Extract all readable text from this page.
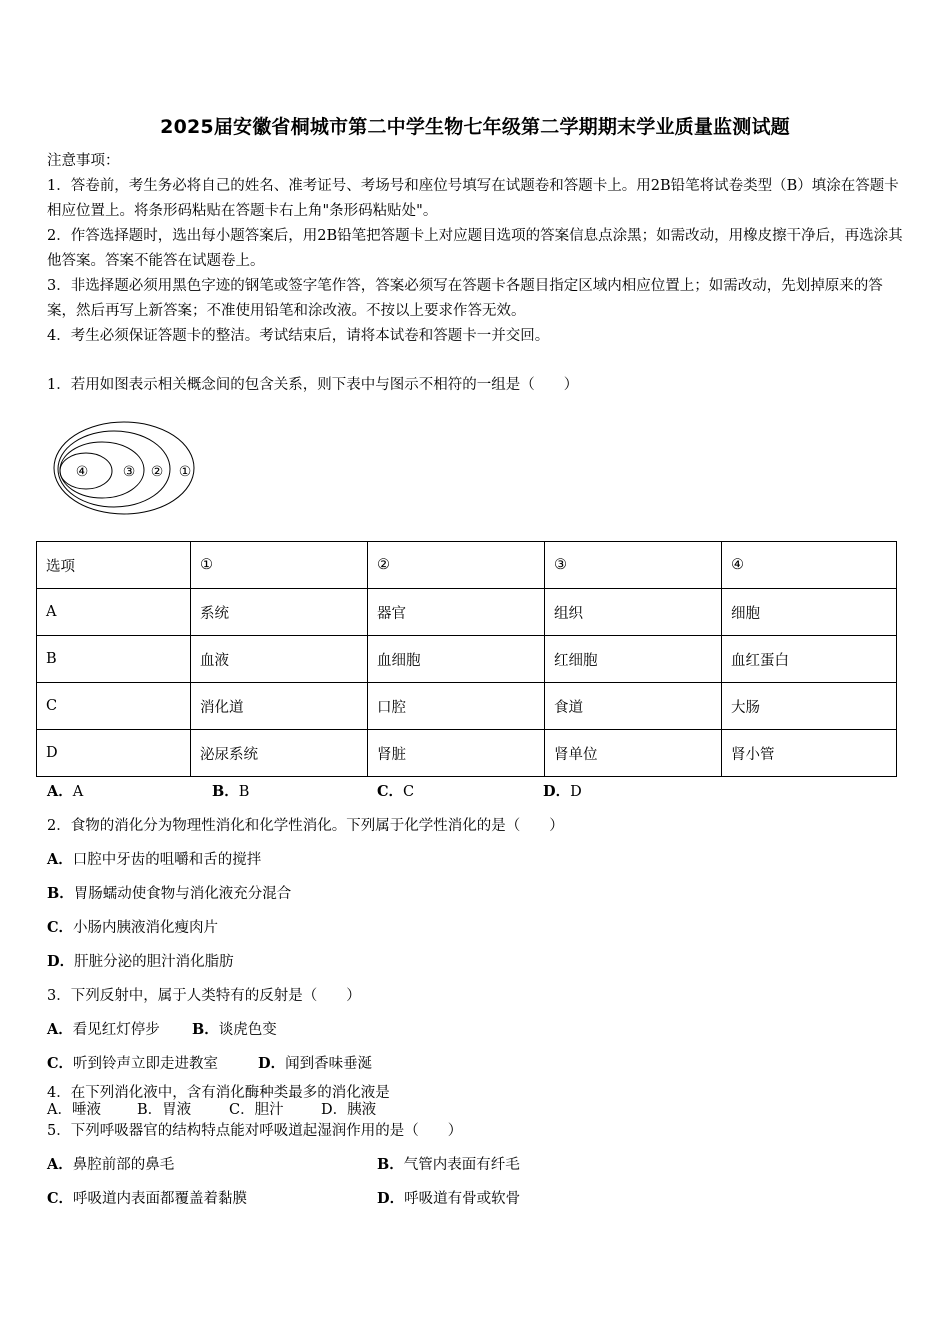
2025届安徽省桐城市第二中学生物七年级第二学期期末学业质量监测试题
注意事项：
1．答卷前，考生务必将自己的姓名、准考证号、考场号和座位号填写在试题卷和答题卡上。用2B铅笔将试卷类型（B）填涂在答题卡相应位置上。将条形码粘贴在答题卡右上角"条形码粘贴处"。
2．作答选择题时，选出每小题答案后，用2B铅笔把答题卡上对应题目选项的答案信息点涂黑；如需改动，用橡皮擦干净后，再选涂其他答案。答案不能答在试题卷上。
3．非选择题必须用黑色字迹的钢笔或签字笔作答，答案必须写在答题卡各题目指定区域内相应位置上；如需改动，先划掉原来的答案，然后再写上新答案；不准使用铅笔和涂改液。不按以上要求作答无效。
4．考生必须保证答题卡的整洁。考试结束后，请将本试卷和答题卡一并交回。
1．若用如图表示相关概念间的包含关系，则下表中与图示不相符的一组是（　　）
④ ③ ② ①
选项	①	②	③	④
A	系统	器官	组织	细胞
B	血液	血细胞	红细胞	血红蛋白
C	消化道	口腔	食道	大肠
D	泌尿系统	肾脏	肾单位	肾小管
A．A	B．B	C．C	D．D
2．食物的消化分为物理性消化和化学性消化。下列属于化学性消化的是（　　）
A．口腔中牙齿的咀嚼和舌的搅拌
B．胃肠蠕动使食物与消化液充分混合
C．小肠内胰液消化瘦肉片
D．肝脏分泌的胆汁消化脂肪
3．下列反射中，属于人类特有的反射是（　　）
A．看见红灯停步 B．谈虎色变
C．听到铃声立即走进教室	D．闻到香味垂涎
4．在下列消化液中，含有消化酶种类最多的消化液是
A．唾液 B．胃液	C．胆汁	D．胰液
5．下列呼吸器官的结构特点能对呼吸道起湿润作用的是（　　）
A．鼻腔前部的鼻毛	B．气管内表面有纤毛
C．呼吸道内表面都覆盖着黏膜	D．呼吸道有骨或软骨
